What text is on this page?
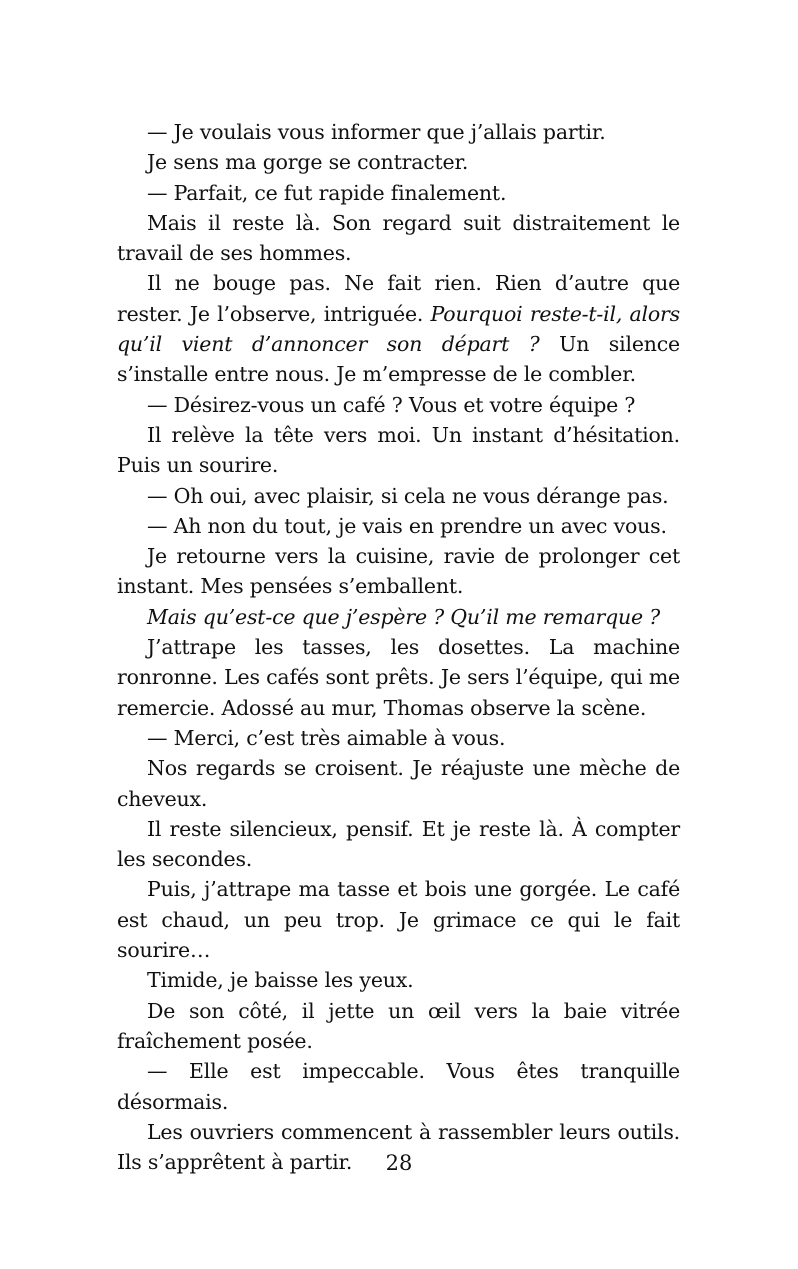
— Je voulais vous informer que j’allais partir.

Je sens ma gorge se contracter.

— Parfait, ce fut rapide finalement.

Mais il reste là. Son regard suit distraitement le travail de ses hommes.

Il ne bouge pas. Ne fait rien. Rien d’autre que rester. Je l’observe, intriguée. Pourquoi reste-t-il, alors qu’il vient d’annoncer son départ ? Un silence s’installe entre nous. Je m’empresse de le combler.

— Désirez-vous un café ? Vous et votre équipe ?

Il relève la tête vers moi. Un instant d’hésitation. Puis un sourire.

— Oh oui, avec plaisir, si cela ne vous dérange pas.

— Ah non du tout, je vais en prendre un avec vous.

Je retourne vers la cuisine, ravie de prolonger cet instant. Mes pensées s’emballent.

Mais qu’est-ce que j’espère ? Qu’il me remarque ?

J’attrape les tasses, les dosettes. La machine ronronne. Les cafés sont prêts. Je sers l’équipe, qui me remercie. Adossé au mur, Thomas observe la scène.

— Merci, c’est très aimable à vous.

Nos regards se croisent. Je réajuste une mèche de cheveux.

Il reste silencieux, pensif. Et je reste là. À compter les secondes.

Puis, j’attrape ma tasse et bois une gorgée. Le café est chaud, un peu trop. Je grimace ce qui le fait sourire…

Timide, je baisse les yeux.

De son côté, il jette un œil vers la baie vitrée fraîchement posée.

— Elle est impeccable. Vous êtes tranquille désormais.

Les ouvriers commencent à rassembler leurs outils. Ils s’apprêtent à partir.	28
